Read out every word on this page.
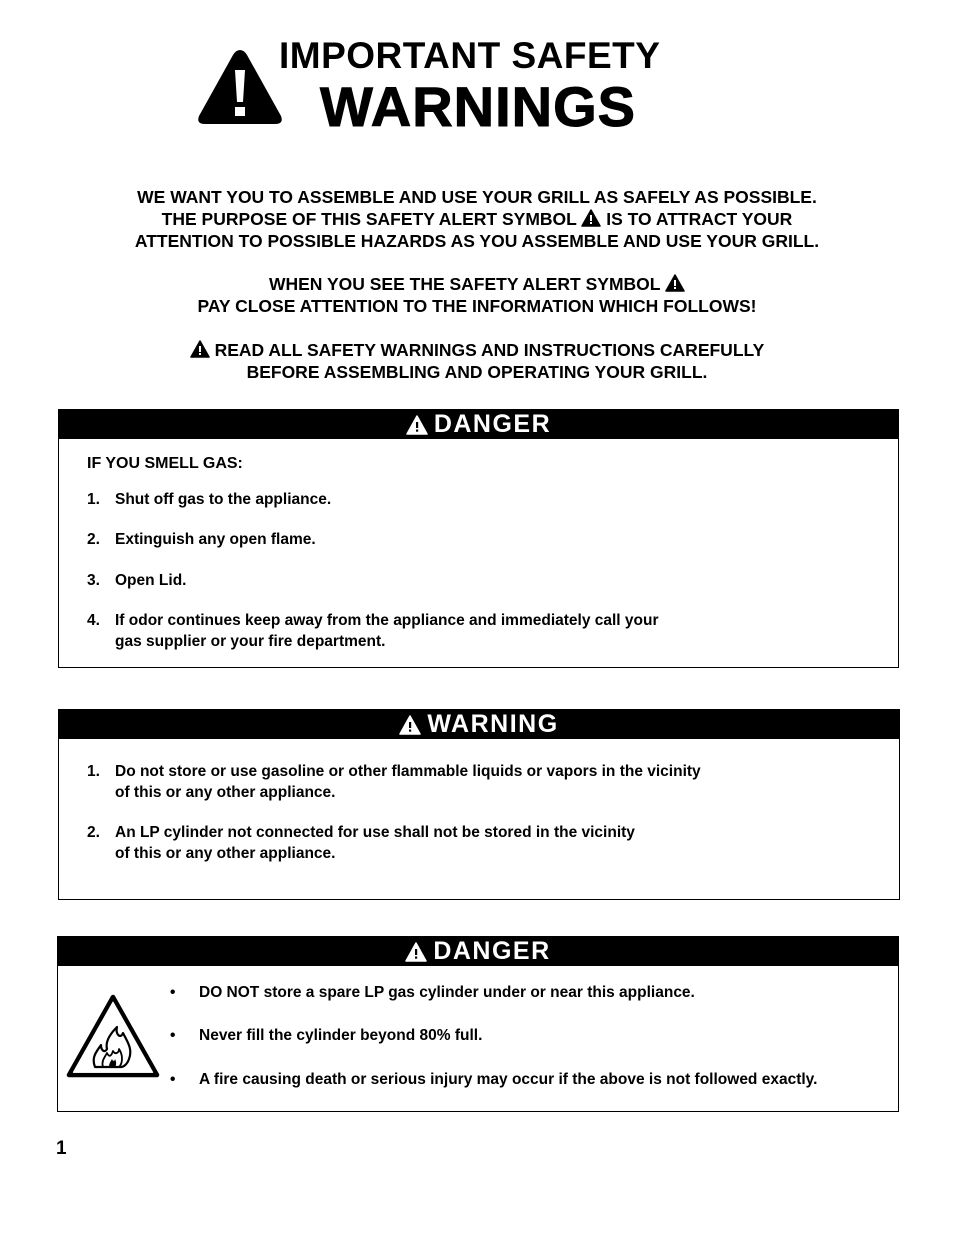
IMPORTANT SAFETY
WARNINGS

WE WANT YOU TO ASSEMBLE AND USE YOUR GRILL AS SAFELY AS POSSIBLE.

THE PURPOSE OF THIS SAFETY ALERT SYMBOL IS TO ATTRACT YOUR

ATTENTION TO POSSIBLE HAZARDS AS YOU ASSEMBLE AND USE YOUR GRILL.

WHEN YOU SEE THE SAFETY ALERT SYMBOL

PAY CLOSE ATTENTION TO THE INFORMATION WHICH FOLLOWS!

READ ALL SAFETY WARNINGS AND INSTRUCTIONS CAREFULLY

BEFORE ASSEMBLING AND OPERATING YOUR GRILL.

DANGER
IF YOU SMELL GAS:
1. Shut off gas to the appliance.
2. Extinguish any open flame.
3. Open Lid.
4. If odor continues keep away from the appliance and immediately call your
gas supplier or your fire department.
WARNING
1. Do not store or use gasoline or other flammable liquids or vapors in the vicinity
of this or any other appliance.
2. An LP cylinder not connected for use shall not be stored in the vicinity
of this or any other appliance.
DANGER
•	DO NOT store a spare LP gas cylinder under or near this appliance.
•	Never fill the cylinder beyond 80% full.
•	A fire causing death or serious injury may occur if the above is not followed exactly.
1
